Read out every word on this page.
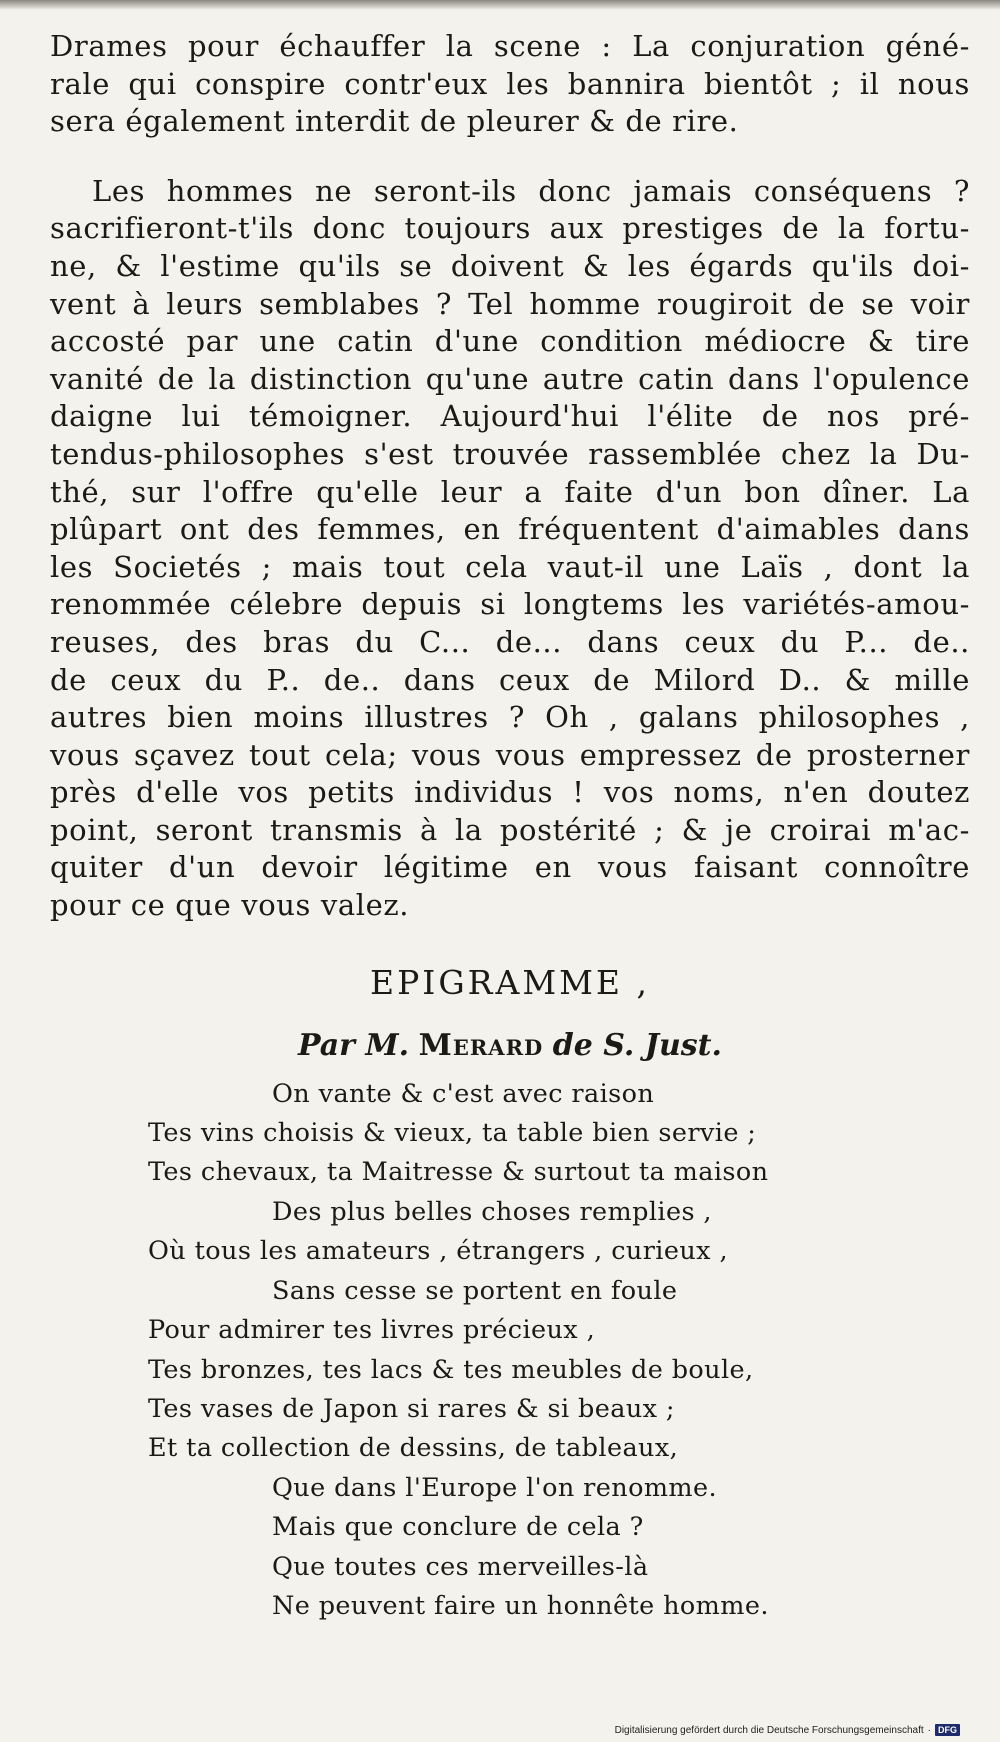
Drames pour échauffer la scene : La conjuration géné-
rale qui conspire contr'eux les bannira bientôt ; il nous
sera également interdit de pleurer & de rire.
Les hommes ne seront-ils donc jamais conséquens ?
sacrifieront-t'ils donc toujours aux prestiges de la fortu-
ne, & l'estime qu'ils se doivent & les égards qu'ils doi-
vent à leurs semblabes ? Tel homme rougiroit de se voir
accosté par une catin d'une condition médiocre & tire
vanité de la distinction qu'une autre catin dans l'opulence
daigne lui témoigner. Aujourd'hui l'élite de nos pré-
tendus-philosophes s'est trouvée rassemblée chez la Du-
thé, sur l'offre qu'elle leur a faite d'un bon dîner. La
plûpart ont des femmes, en fréquentent d'aimables dans
les Societés ; mais tout cela vaut-il une Laïs , dont la
renommée célebre depuis si longtems les variétés-amou-
reuses, des bras du C... de... dans ceux du P... de..
de ceux du P.. de.. dans ceux de Milord D.. & mille
autres bien moins illustres ? Oh , galans philosophes ,
vous sçavez tout cela; vous vous empressez de prosterner
près d'elle vos petits individus ! vos noms, n'en doutez
point, seront transmis à la postérité ; & je croirai m'ac-
quiter d'un devoir légitime en vous faisant connoître
pour ce que vous valez.
EPIGRAMME ,
Par M. Merard de S. Just.
On vante & c'est avec raison
Tes vins choisis & vieux, ta table bien servie ;
Tes chevaux, ta Maitresse & surtout ta maison
Des plus belles choses remplies ,
Où tous les amateurs , étrangers , curieux ,
Sans cesse se portent en foule
Pour admirer tes livres précieux ,
Tes bronzes, tes lacs & tes meubles de boule,
Tes vases de Japon si rares & si beaux ;
Et ta collection de dessins, de tableaux,
Que dans l'Europe l'on renomme.
Mais que conclure de cela ?
Que toutes ces merveilles-là
Ne peuvent faire un honnête homme.
Digitalisierung gefördert durch die Deutsche Forschungsgemeinschaft · DFG
